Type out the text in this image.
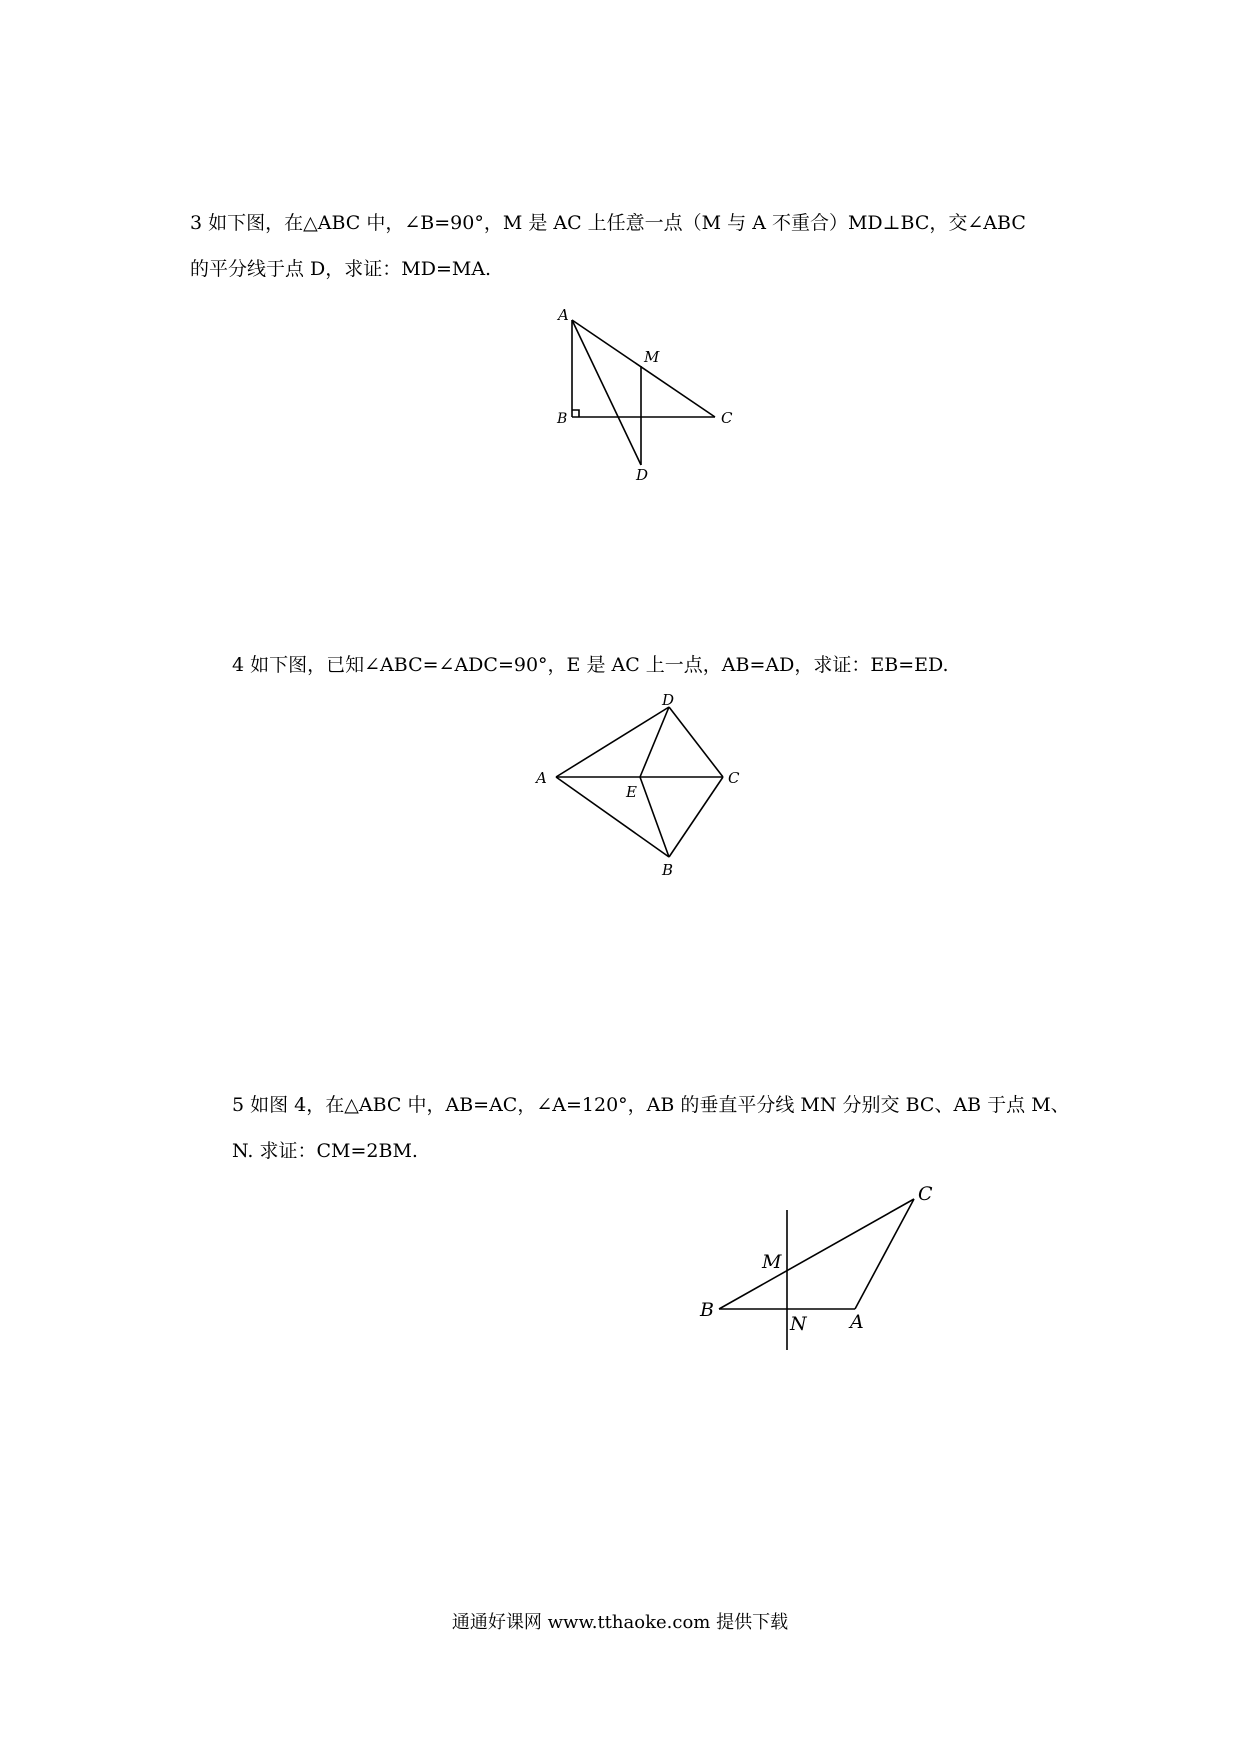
3 如下图，在△ABC 中，∠B=90°，M 是 AC 上任意一点（M 与 A 不重合）MD⊥BC，交∠ABC
的平分线于点 D，求证：MD=MA.
A
B	C
M
D
4 如下图，已知∠ABC=∠ADC=90°，E 是 AC 上一点，AB=AD，求证：EB=ED.
D
A	C
E
B
5 如图 4，在△ABC 中，AB=AC，∠A=120°，AB 的垂直平分线 MN 分别交 BC、AB 于点 M、
N. 求证：CM=2BM.
C
M
B
N A
通通好课网 www.tthaoke.com 提供下载
